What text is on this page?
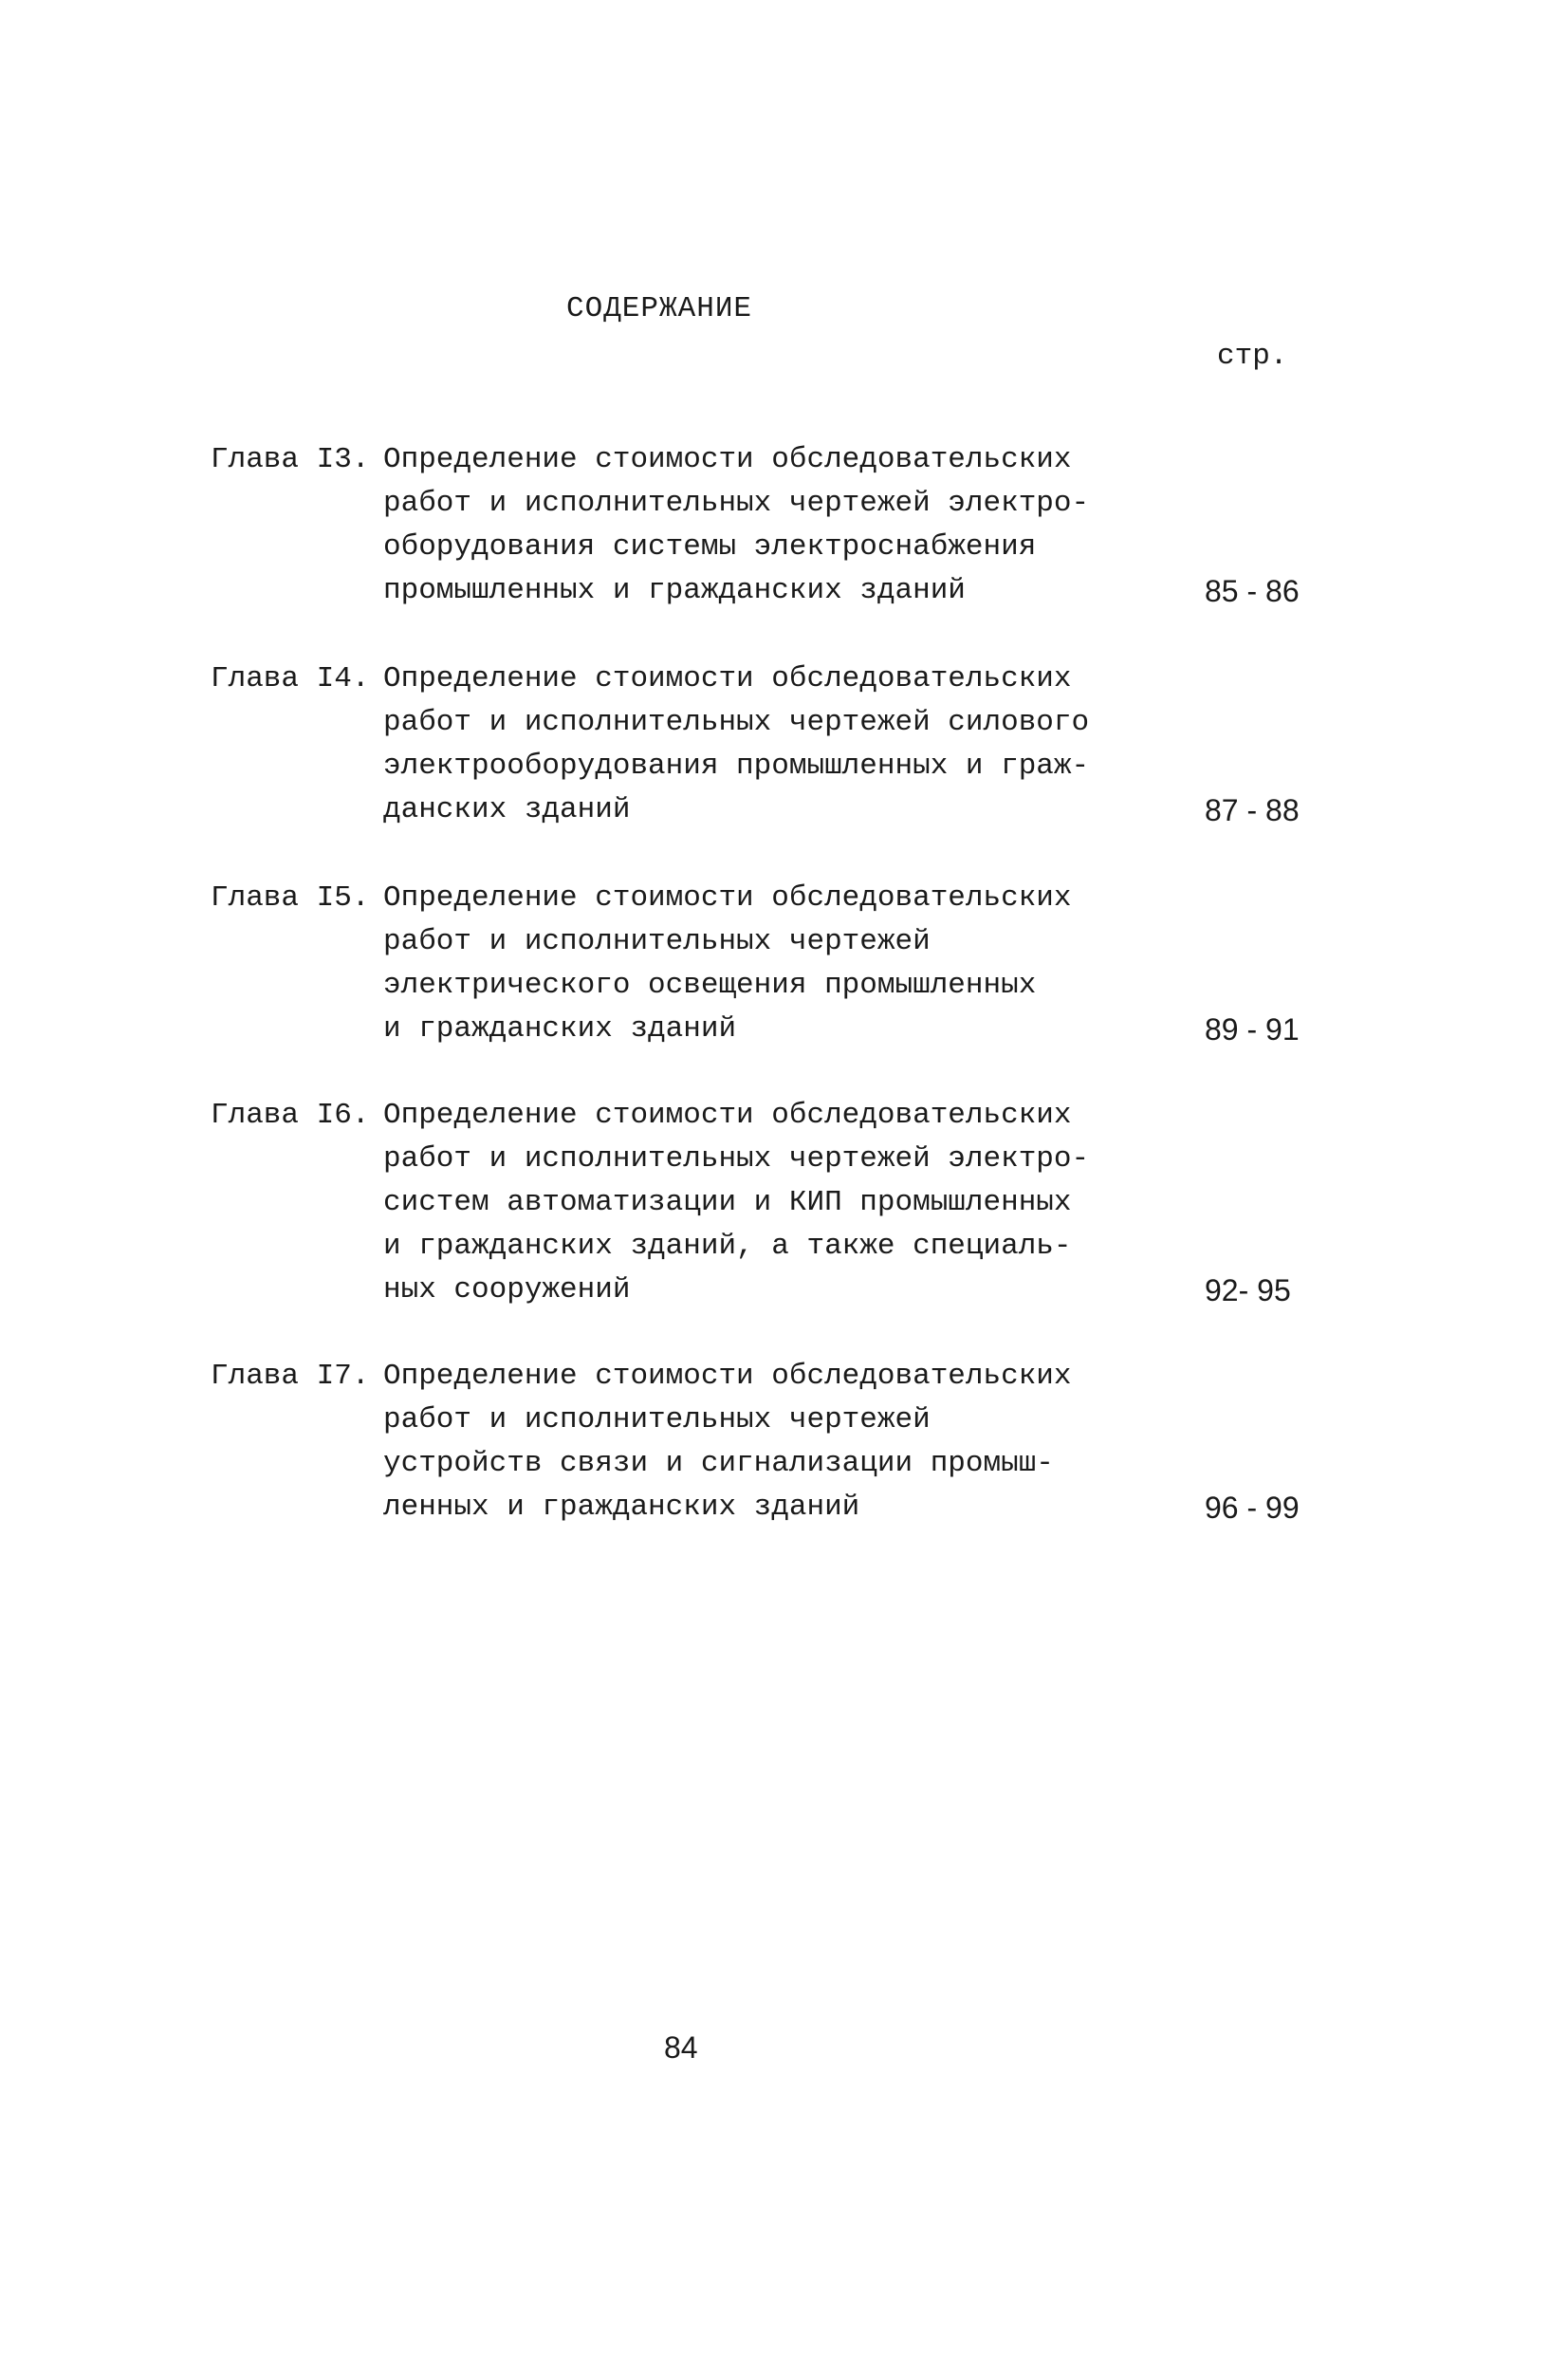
СОДЕРЖАНИЕ
стр.
Глава I3. Определение стоимости обследовательских
работ и исполнительных чертежей электро-
оборудования системы электроснабжения
промышленных и гражданских зданий	85 - 86
Глава I4. Определение стоимости обследовательских
работ и исполнительных чертежей силового
электрооборудования промышленных и граж-
данских зданий	87 - 88
Глава I5. Определение стоимости обследовательских
работ и исполнительных чертежей
электрического освещения промышленных
и гражданских зданий	89 - 91
Глава I6. Определение стоимости обследовательских
работ и исполнительных чертежей электро-
систем автоматизации и КИП промышленных
и гражданских зданий, а также специаль-
ных сооружений	92- 95
Глава I7. Определение стоимости обследовательских
работ и исполнительных чертежей
устройств связи и сигнализации промыш-
ленных и гражданских зданий	96 - 99
84
